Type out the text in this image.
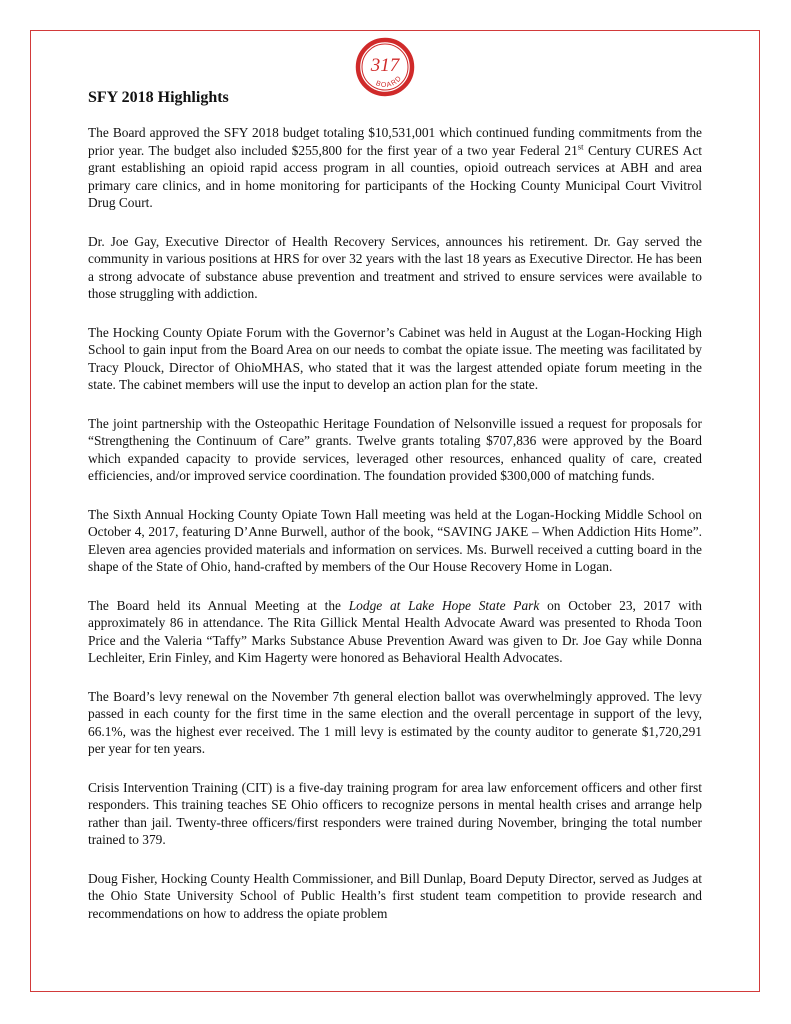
317
BOARD
SFY 2018 Highlights

The Board approved the SFY 2018 budget totaling $10,531,001 which continued funding commitments from the prior year. The budget also included $255,800 for the first year of a two year Federal 21st Century CURES Act grant establishing an opioid rapid access program in all counties, opioid outreach services at ABH and area primary care clinics, and in home monitoring for participants of the Hocking County Municipal Court Vivitrol Drug Court.

Dr. Joe Gay, Executive Director of Health Recovery Services, announces his retirement. Dr. Gay served the community in various positions at HRS for over 32 years with the last 18 years as Executive Director. He has been a strong advocate of substance abuse prevention and treatment and strived to ensure services were available to those struggling with addiction.

The Hocking County Opiate Forum with the Governor’s Cabinet was held in August at the Logan-Hocking High School to gain input from the Board Area on our needs to combat the opiate issue. The meeting was facilitated by Tracy Plouck, Director of OhioMHAS, who stated that it was the largest attended opiate forum meeting in the state. The cabinet members will use the input to develop an action plan for the state.

The joint partnership with the Osteopathic Heritage Foundation of Nelsonville issued a request for proposals for “Strengthening the Continuum of Care” grants. Twelve grants totaling $707,836 were approved by the Board which expanded capacity to provide services, leveraged other resources, enhanced quality of care, created efficiencies, and/or improved service coordination. The foundation provided $300,000 of matching funds.

The Sixth Annual Hocking County Opiate Town Hall meeting was held at the Logan-Hocking Middle School on October 4, 2017, featuring D’Anne Burwell, author of the book, “SAVING JAKE – When Addiction Hits Home”. Eleven area agencies provided materials and information on services. Ms. Burwell received a cutting board in the shape of the State of Ohio, hand-crafted by members of the Our House Recovery Home in Logan.

The Board held its Annual Meeting at the Lodge at Lake Hope State Park on October 23, 2017 with approximately 86 in attendance. The Rita Gillick Mental Health Advocate Award was presented to Rhoda Toon Price and the Valeria “Taffy” Marks Substance Abuse Prevention Award was given to Dr. Joe Gay while Donna Lechleiter, Erin Finley, and Kim Hagerty were honored as Behavioral Health Advocates.

The Board’s levy renewal on the November 7th general election ballot was overwhelmingly approved. The levy passed in each county for the first time in the same election and the overall percentage in support of the levy, 66.1%, was the highest ever received. The 1 mill levy is estimated by the county auditor to generate $1,720,291 per year for ten years.

Crisis Intervention Training (CIT) is a five-day training program for area law enforcement officers and other first responders. This training teaches SE Ohio officers to recognize persons in mental health crises and arrange help rather than jail. Twenty-three officers/first responders were trained during November, bringing the total number trained to 379.

Doug Fisher, Hocking County Health Commissioner, and Bill Dunlap, Board Deputy Director, served as Judges at the Ohio State University School of Public Health’s first student team competition to provide research and recommendations on how to address the opiate problem
